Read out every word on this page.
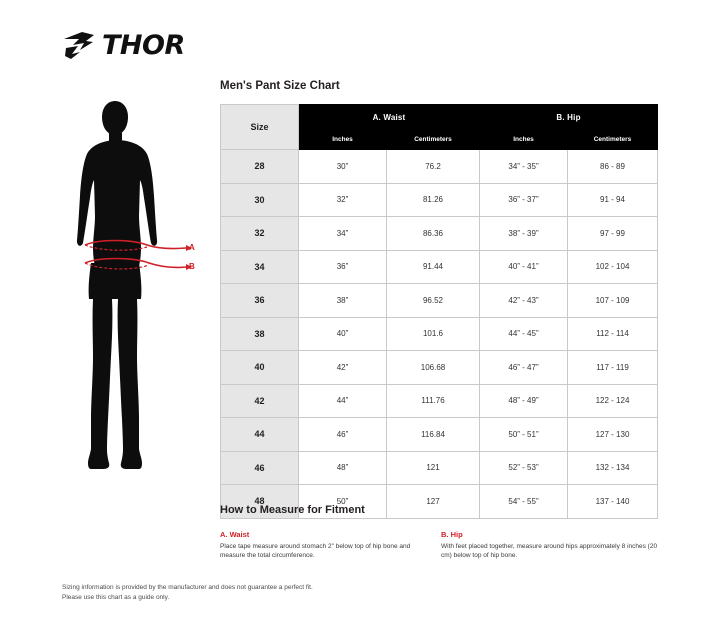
THOR
A
B
Men's Pant Size Chart
Size	A. Waist		B. Hip	
	Inches	Centimeters	Inches	Centimeters
28	30”	76.2	34” - 35”	86 - 89
30	32”	81.26	36” - 37”	91 - 94
32	34”	86.36	38” - 39”	97 - 99
34	36”	91.44	40” - 41”	102 - 104
36	38”	96.52	42” - 43”	107 - 109
38	40”	101.6	44” - 45”	112 - 114
40	42”	106.68	46” - 47”	117 - 119
42	44”	111.76	48” - 49”	122 - 124
44	46”	116.84	50” - 51”	127 - 130
46	48”	121	52” - 53”	132 - 134
48	50”	127	54” - 55”	137 - 140
How to Measure for Fitment
A. Waist
Place tape measure around stomach 2" below top of hip bone and measure the total circumference.
B. Hip
With feet placed together, measure around hips approximately 8 inches (20 cm) below top of hip bone.
Sizing information is provided by the manufacturer and does not guarantee a perfect fit.
Please use this chart as a guide only.
